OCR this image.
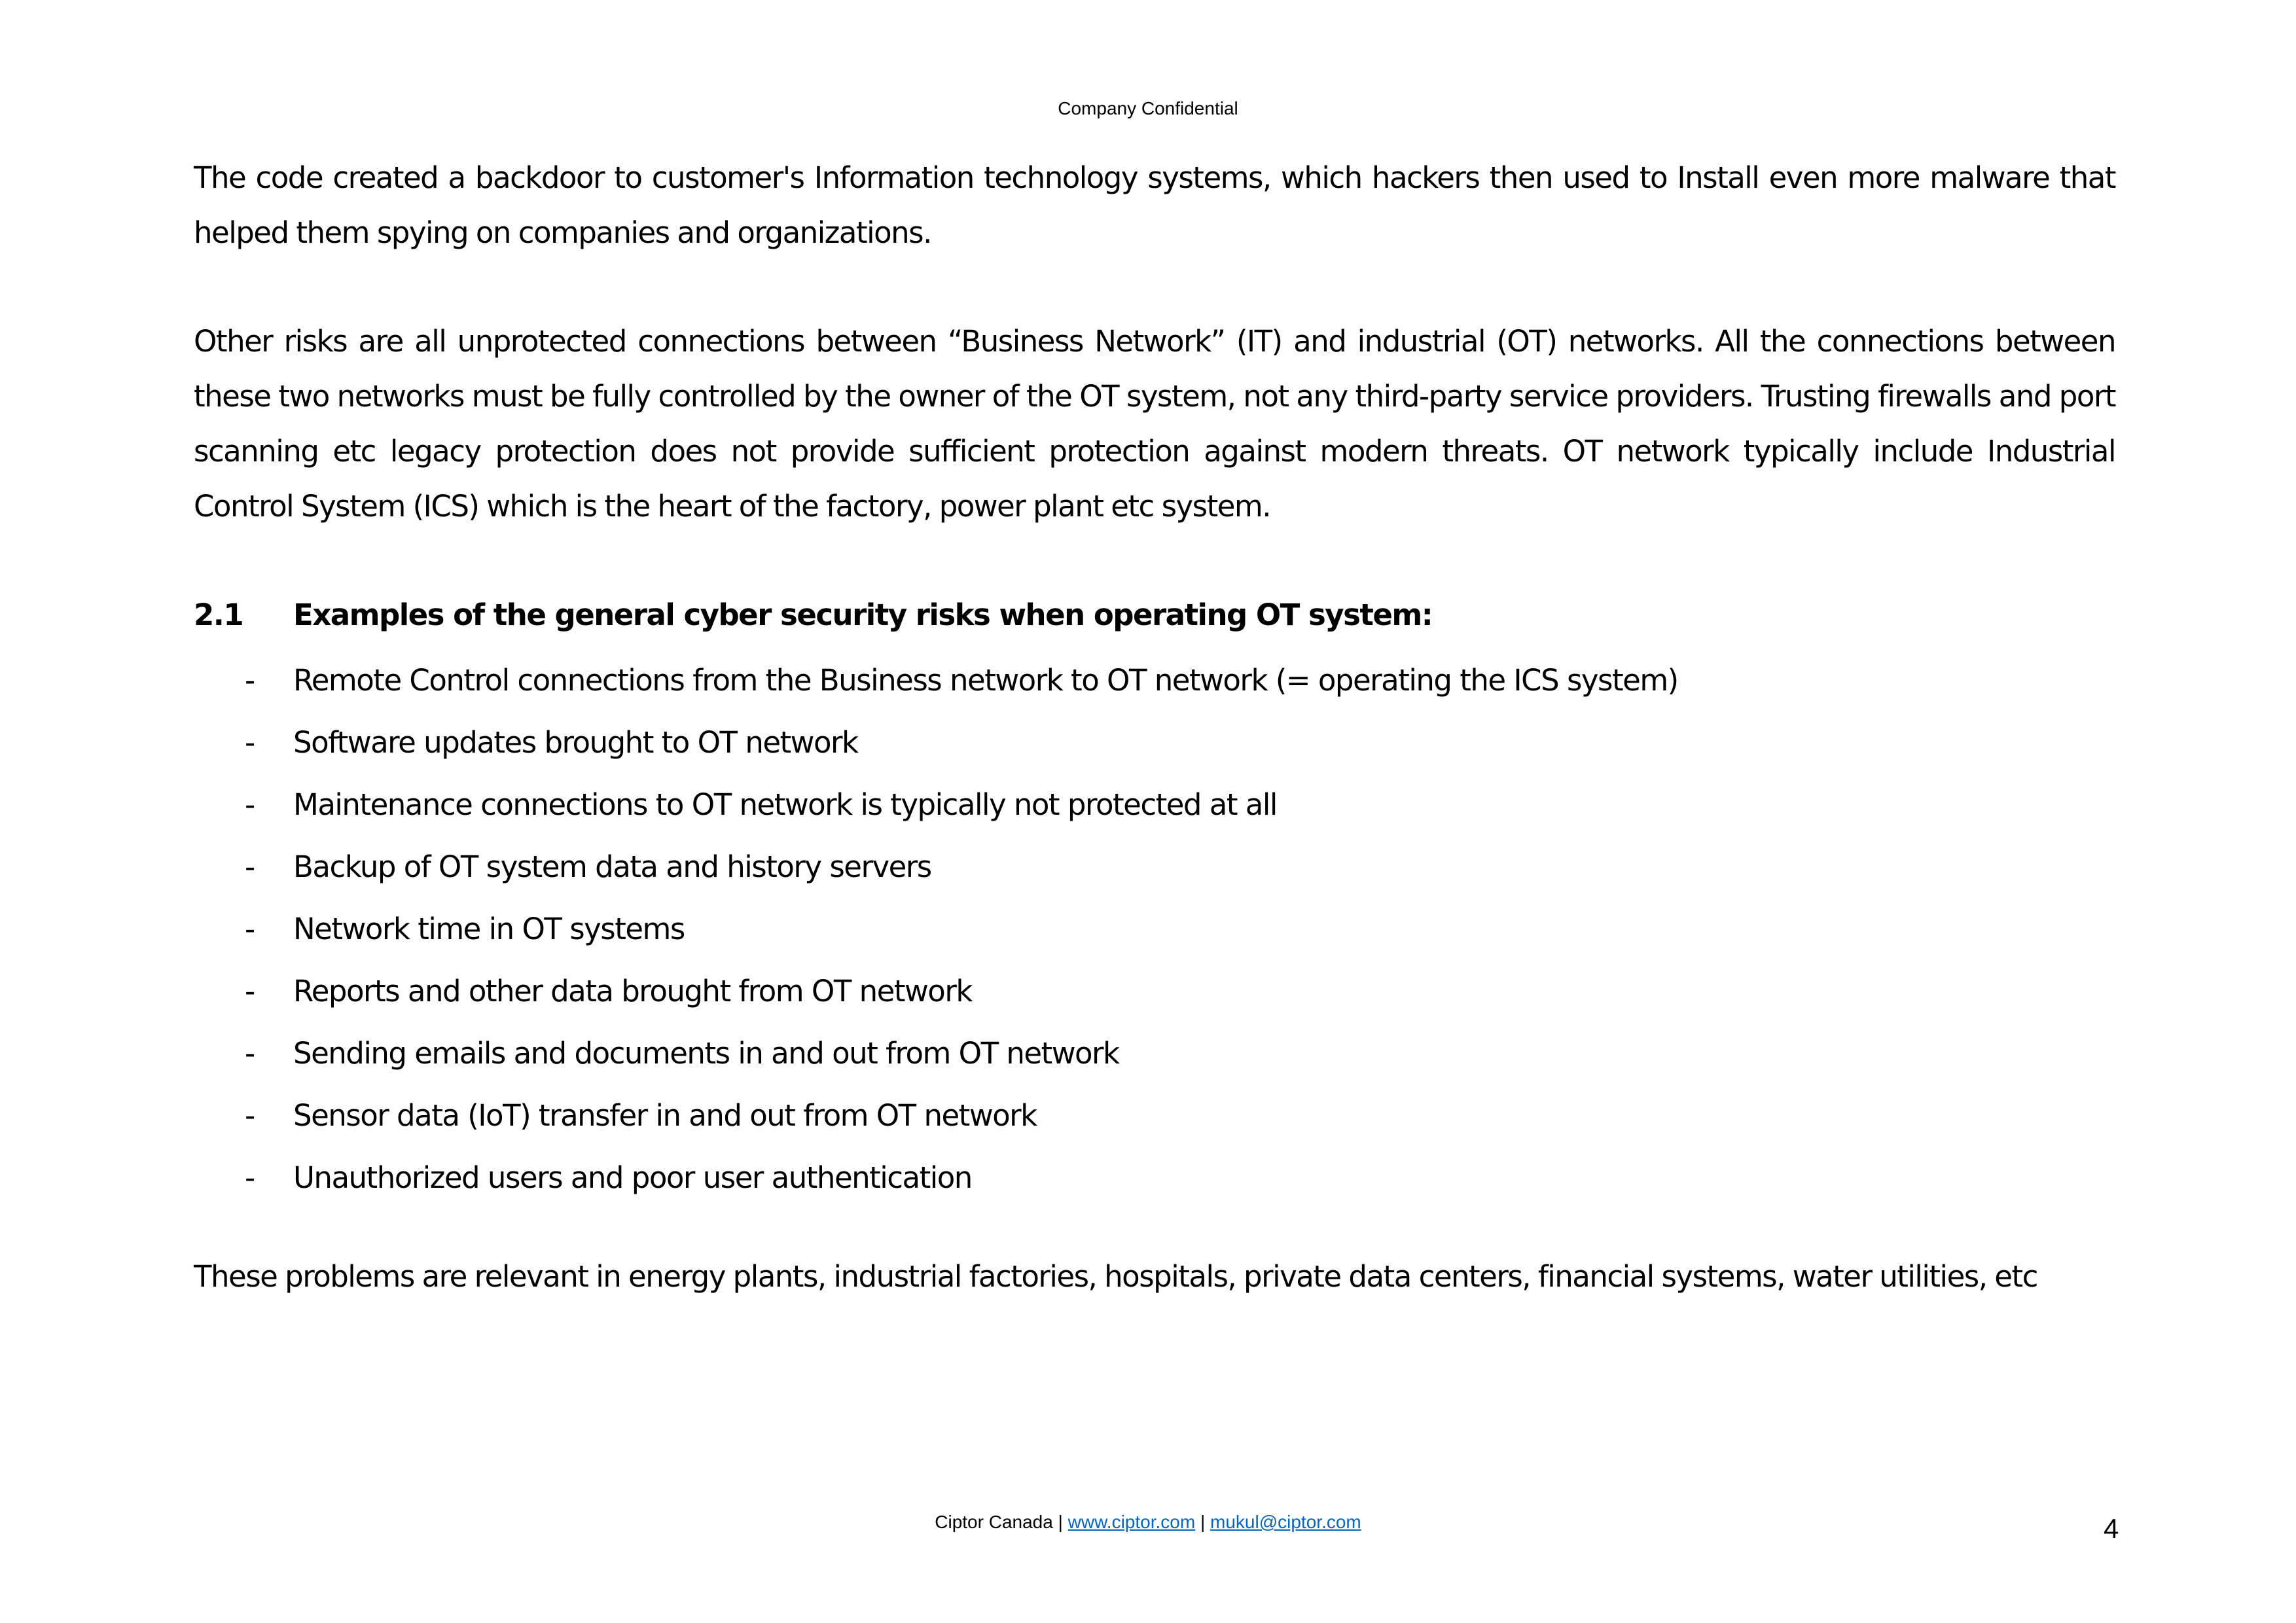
Company Confidential

The code created a backdoor to customer's Information technology systems, which hackers then used to Install even more malware that helped them spying on companies and organizations.

Other risks are all unprotected connections between “Business Network” (IT) and industrial (OT) networks. All the connections between these two networks must be fully controlled by the owner of the OT system, not any third-party service providers. Trusting firewalls and port scanning etc legacy protection does not provide sufficient protection against modern threats. OT network typically include Industrial Control System (ICS) which is the heart of the factory, power plant etc system.

2.1	Examples of the general cyber security risks when operating OT system:
-	Remote Control connections from the Business network to OT network (= operating the ICS system)
-	Software updates brought to OT network
-	Maintenance connections to OT network is typically not protected at all
-	Backup of OT system data and history servers
-	Network time in OT systems
-	Reports and other data brought from OT network
-	Sending emails and documents in and out from OT network
-	Sensor data (IoT) transfer in and out from OT network
-	Unauthorized users and poor user authentication

These problems are relevant in energy plants, industrial factories, hospitals, private data centers, financial systems, water utilities, etc

Ciptor Canada | www.ciptor.com | mukul@ciptor.com	4
